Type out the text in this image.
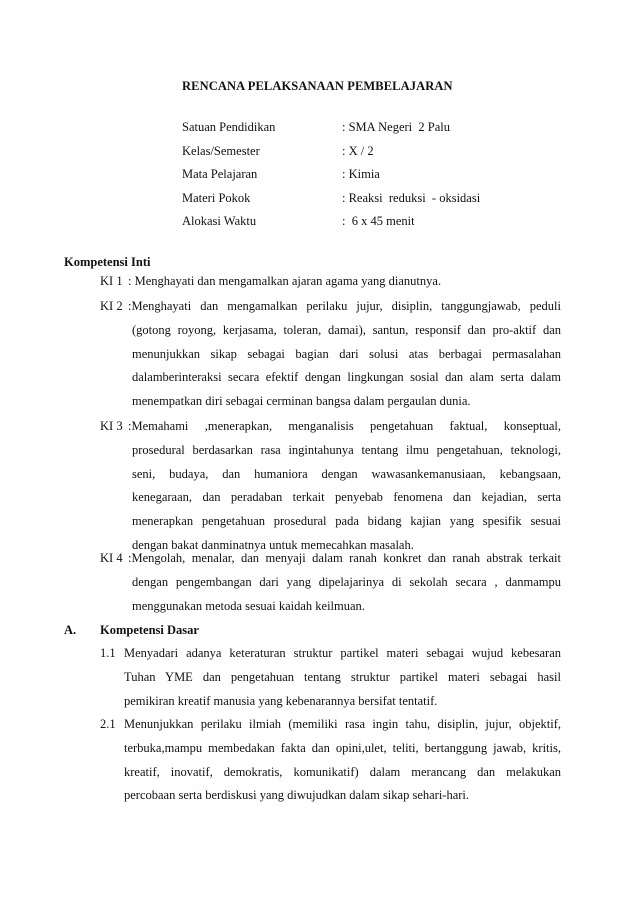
RENCANA PELAKSANAAN PEMBELAJARAN
Satuan Pendidikan	: SMA Negeri  2 Palu
Kelas/Semester	: X / 2
Mata Pelajaran	: Kimia
Materi Pokok	: Reaksi  reduksi  - oksidasi
Alokasi Waktu	:  6 x 45 menit
Kompetensi Inti
KI 1 : Menghayati dan mengamalkan ajaran agama yang dianutnya.
KI 2 :Menghayati dan mengamalkan perilaku jujur, disiplin, tanggungjawab, peduli
(gotong royong, kerjasama, toleran, damai), santun, responsif dan pro-aktif dan
menunjukkan sikap sebagai bagian dari solusi atas berbagai permasalahan
dalamberinteraksi secara efektif dengan lingkungan sosial dan alam serta dalam
menempatkan diri sebagai cerminan bangsa dalam pergaulan dunia.
KI 3 :Memahami ,menerapkan, menganalisis pengetahuan faktual, konseptual,
prosedural berdasarkan rasa ingintahunya tentang ilmu pengetahuan, teknologi,
seni, budaya, dan humaniora dengan wawasankemanusiaan, kebangsaan,
kenegaraan, dan peradaban terkait penyebab fenomena dan kejadian, serta
menerapkan pengetahuan prosedural pada bidang kajian yang spesifik sesuai
dengan bakat danminatnya untuk memecahkan masalah.
KI 4 :Mengolah, menalar, dan menyaji dalam ranah konkret dan ranah abstrak terkait
dengan pengembangan dari yang dipelajarinya di sekolah secara , danmampu
menggunakan metoda sesuai kaidah keilmuan.
A. Kompetensi Dasar
1.1 Menyadari adanya keteraturan struktur partikel materi sebagai wujud kebesaran
Tuhan YME dan pengetahuan tentang struktur partikel materi sebagai hasil
pemikiran kreatif manusia yang kebenarannya bersifat tentatif.
2.1 Menunjukkan perilaku ilmiah (memiliki rasa ingin tahu, disiplin, jujur, objektif,
terbuka,mampu membedakan fakta dan opini,ulet, teliti, bertanggung jawab, kritis,
kreatif, inovatif, demokratis, komunikatif) dalam merancang dan melakukan
percobaan serta berdiskusi yang diwujudkan dalam sikap sehari-hari.
